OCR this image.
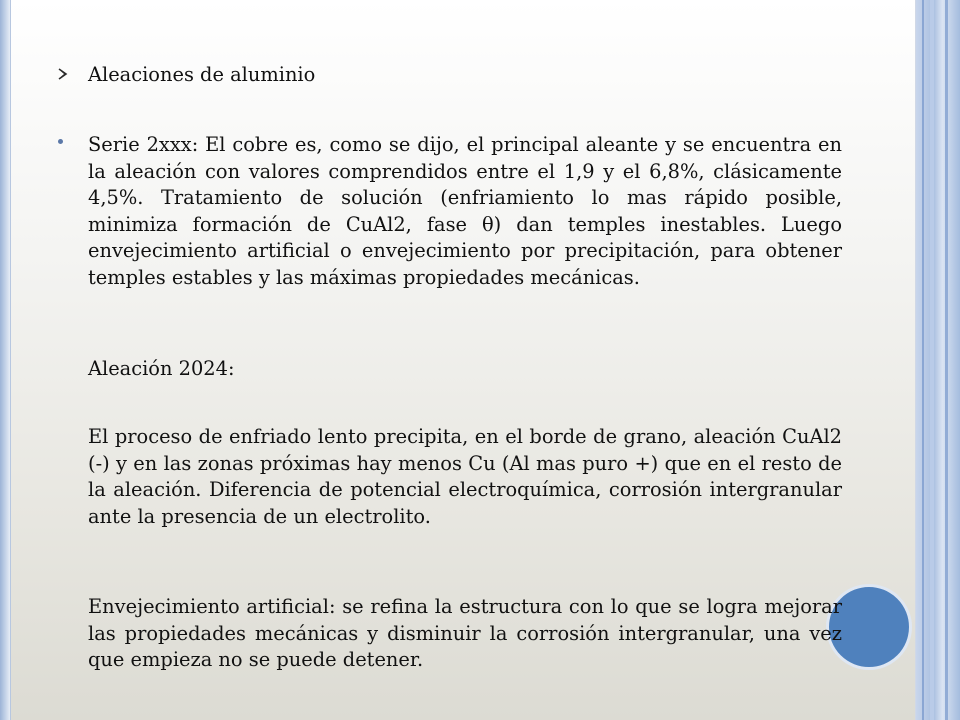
Aleaciones de aluminio

Serie 2xxx: El cobre es, como se dijo, el principal aleante y se encuentra en la aleación con valores comprendidos entre el 1,9 y el 6,8%, clásicamente 4,5%. Tratamiento de solución (enfriamiento lo mas rápido posible, minimiza formación de CuAl2, fase θ) dan temples inestables. Luego envejecimiento artificial o envejecimiento por precipitación, para obtener temples estables y las máximas propiedades mecánicas.

Aleación 2024:

El proceso de enfriado lento precipita, en el borde de grano, aleación CuAl2 (-) y en las zonas próximas hay menos Cu (Al mas puro +) que en el resto de la aleación. Diferencia de potencial electroquímica, corrosión intergranular ante la presencia de un electrolito.

Envejecimiento artificial: se refina la estructura con lo que se logra mejorar las propiedades mecánicas y disminuir la corrosión intergranular, una vez que empieza no se puede detener.
